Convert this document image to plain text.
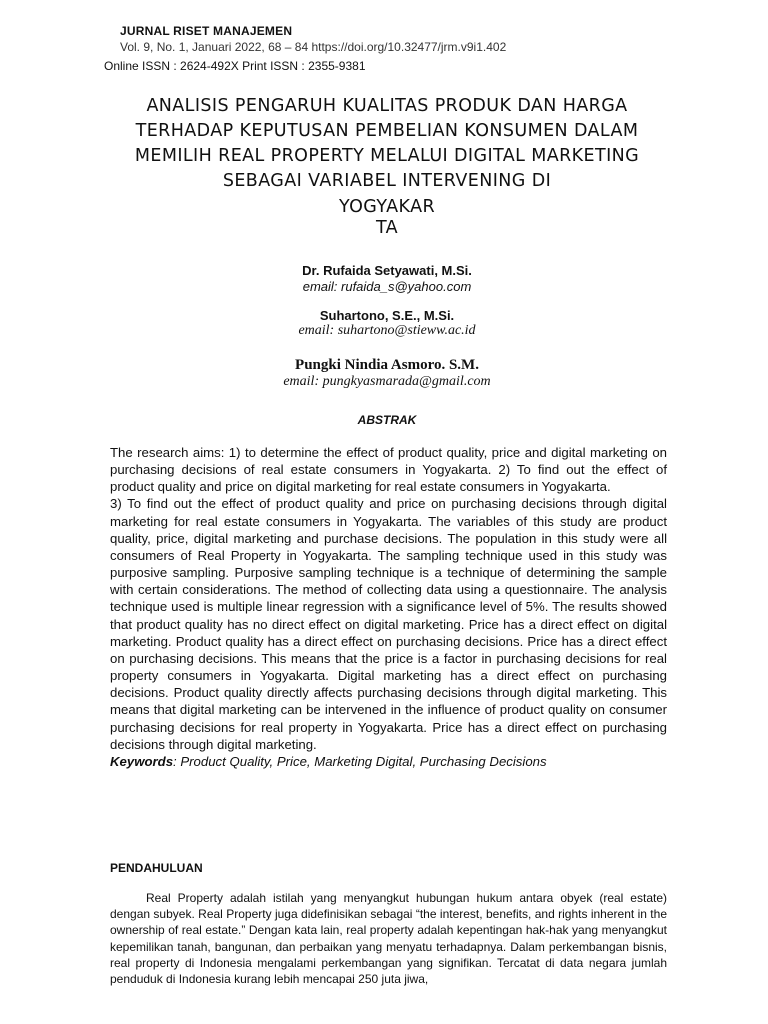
JURNAL RISET MANAJEMEN
Vol. 9, No. 1, Januari 2022, 68 – 84 https://doi.org/10.32477/jrm.v9i1.402
Online ISSN : 2624-492X Print ISSN : 2355-9381
ANALISIS PENGARUH KUALITAS PRODUK DAN HARGA
TERHADAP KEPUTUSAN PEMBELIAN KONSUMEN DALAM
MEMILIH REAL PROPERTY MELALUI DIGITAL MARKETING
SEBAGAI VARIABEL INTERVENING DI
YOGYAKAR
TA
Dr. Rufaida Setyawati, M.Si.
email: rufaida_s@yahoo.com
Suhartono, S.E., M.Si.
email: suhartono@stieww.ac.id
Pungki Nindia Asmoro. S.M.
email: pungkyasmarada@gmail.com
ABSTRAK

The research aims: 1) to determine the effect of product quality, price and digital marketing on purchasing decisions of real estate consumers in Yogyakarta. 2) To find out the effect of product quality and price on digital marketing for real estate consumers in Yogyakarta.

3) To find out the effect of product quality and price on purchasing decisions through digital marketing for real estate consumers in Yogyakarta. The variables of this study are product quality, price, digital marketing and purchase decisions. The population in this study were all consumers of Real Property in Yogyakarta. The sampling technique used in this study was purposive sampling. Purposive sampling technique is a technique of determining the sample with certain considerations. The method of collecting data using a questionnaire. The analysis technique used is multiple linear regression with a significance level of 5%. The results showed that product quality has no direct effect on digital marketing. Price has a direct effect on digital marketing. Product quality has a direct effect on purchasing decisions. Price has a direct effect on purchasing decisions. This means that the price is a factor in purchasing decisions for real property consumers in Yogyakarta. Digital marketing has a direct effect on purchasing decisions. Product quality directly affects purchasing decisions through digital marketing. This means that digital marketing can be intervened in the influence of product quality on consumer purchasing decisions for real property in Yogyakarta. Price has a direct effect on purchasing decisions through digital marketing.

Keywords: Product Quality, Price, Marketing Digital, Purchasing Decisions

PENDAHULUAN

Real Property adalah istilah yang menyangkut hubungan hukum antara obyek (real estate) dengan subyek. Real Property juga didefinisikan sebagai “the interest, benefits, and rights inherent in the ownership of real estate.” Dengan kata lain, real property adalah kepentingan hak-hak yang menyangkut kepemilikan tanah, bangunan, dan perbaikan yang menyatu terhadapnya. Dalam perkembangan bisnis, real property di Indonesia mengalami perkembangan yang signifikan. Tercatat di data negara jumlah penduduk di Indonesia kurang lebih mencapai 250 juta jiwa,
